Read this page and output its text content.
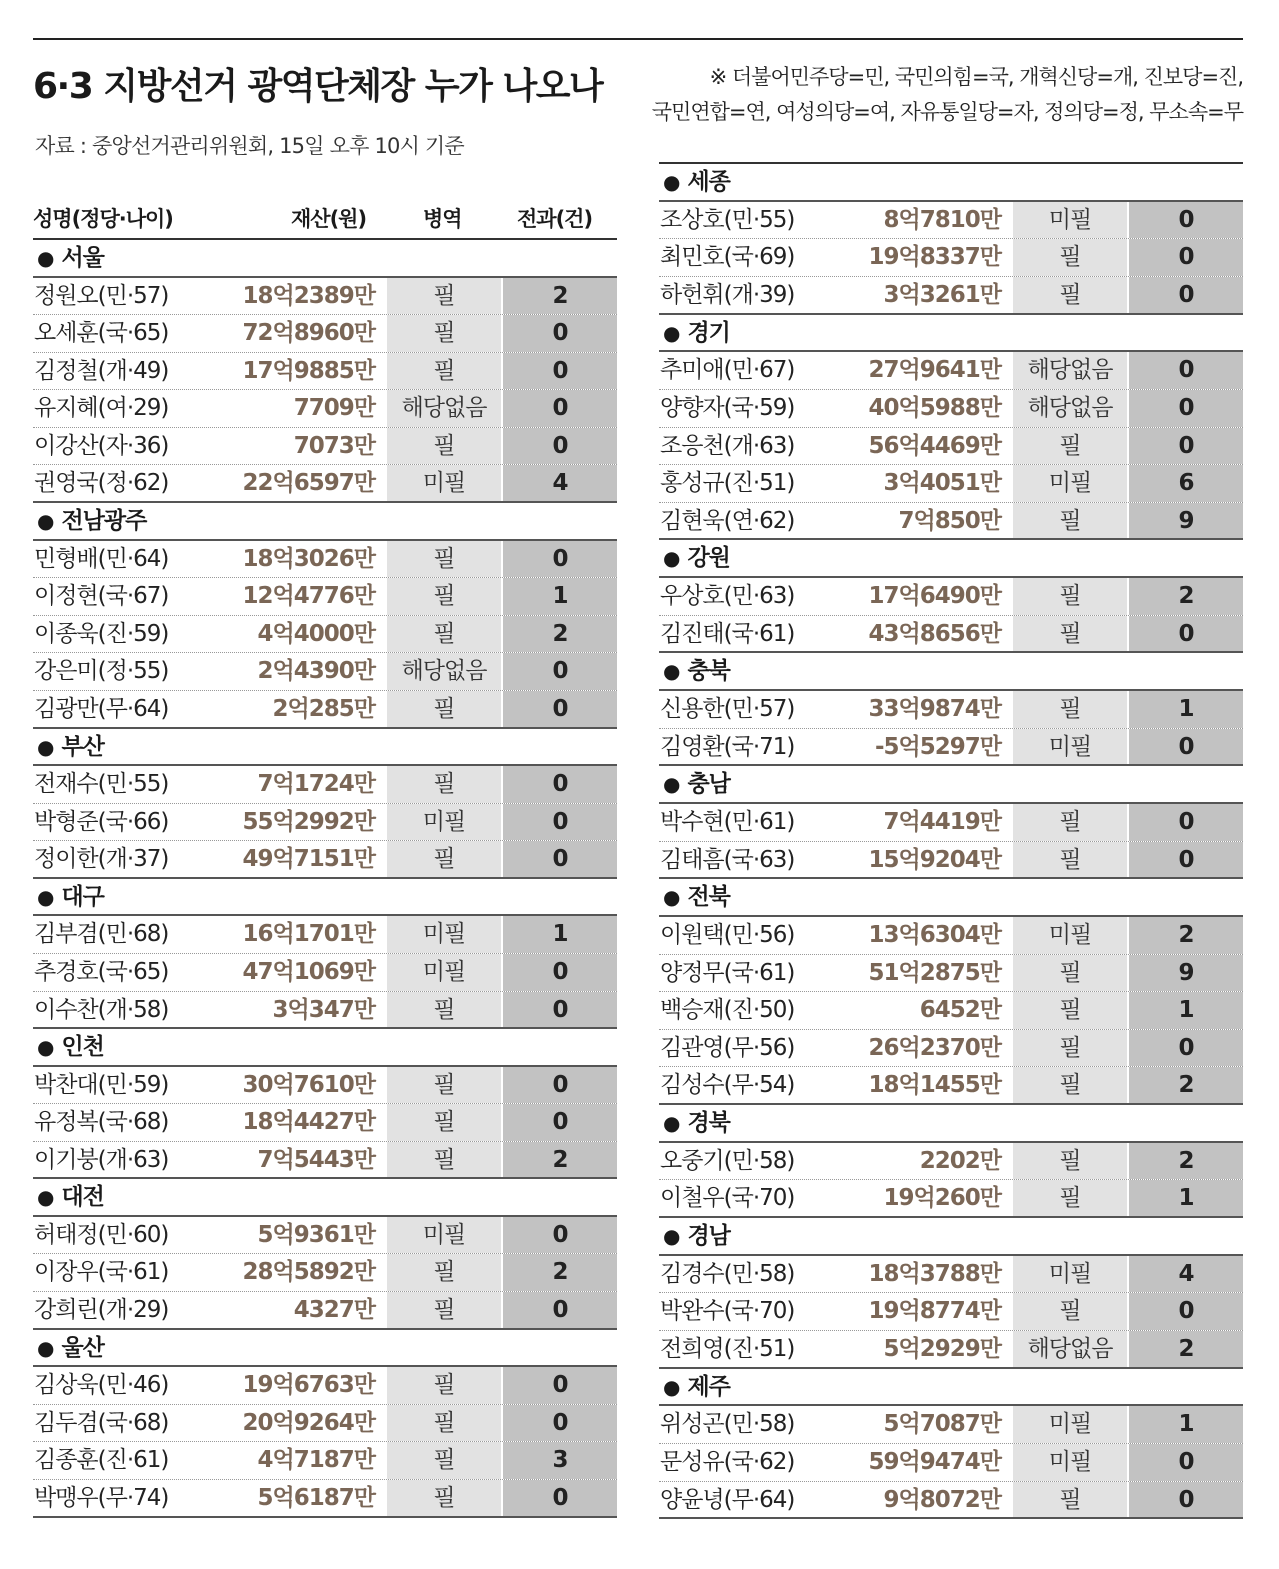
6·3 지방선거 광역단체장 누가 나오나
자료 : 중앙선거관리위원회, 15일 오후 10시 기준
※ 더불어민주당=민, 국민의힘=국, 개혁신당=개, 진보당=진,
국민연합=연, 여성의당=여, 자유통일당=자, 정의당=정, 무소속=무
성명(정당·나이)	재산(원)	병역	전과(건)
● 서울
정원오(민·57)	18억2389만	필	2
오세훈(국·65)	72억8960만	필	0
김정철(개·49)	17억9885만	필	0
유지혜(여·29)	7709만	해당없음	0
이강산(자·36)	7073만	필	0
권영국(정·62)	22억6597만	미필	4
● 전남광주
민형배(민·64)	18억3026만	필	0
이정현(국·67)	12억4776만	필	1
이종욱(진·59)	4억4000만	필	2
강은미(정·55)	2억4390만	해당없음	0
김광만(무·64)	2억285만	필	0
● 부산
전재수(민·55)	7억1724만	필	0
박형준(국·66)	55억2992만	미필	0
정이한(개·37)	49억7151만	필	0
● 대구
김부겸(민·68)	16억1701만	미필	1
추경호(국·65)	47억1069만	미필	0
이수찬(개·58)	3억347만	필	0
● 인천
박찬대(민·59)	30억7610만	필	0
유정복(국·68)	18억4427만	필	0
이기붕(개·63)	7억5443만	필	2
● 대전
허태정(민·60)	5억9361만	미필	0
이장우(국·61)	28억5892만	필	2
강희린(개·29)	4327만	필	0
● 울산
김상욱(민·46)	19억6763만	필	0
김두겸(국·68)	20억9264만	필	0
김종훈(진·61)	4억7187만	필	3
박맹우(무·74)	5억6187만	필	0
● 세종
조상호(민·55)	8억7810만	미필	0
최민호(국·69)	19억8337만	필	0
하헌휘(개·39)	3억3261만	필	0
● 경기
추미애(민·67)	27억9641만	해당없음	0
양향자(국·59)	40억5988만	해당없음	0
조응천(개·63)	56억4469만	필	0
홍성규(진·51)	3억4051만	미필	6
김현욱(연·62)	7억850만	필	9
● 강원
우상호(민·63)	17억6490만	필	2
김진태(국·61)	43억8656만	필	0
● 충북
신용한(민·57)	33억9874만	필	1
김영환(국·71)	-5억5297만	미필	0
● 충남
박수현(민·61)	7억4419만	필	0
김태흠(국·63)	15억9204만	필	0
● 전북
이원택(민·56)	13억6304만	미필	2
양정무(국·61)	51억2875만	필	9
백승재(진·50)	6452만	필	1
김관영(무·56)	26억2370만	필	0
김성수(무·54)	18억1455만	필	2
● 경북
오중기(민·58)	2202만	필	2
이철우(국·70)	19억260만	필	1
● 경남
김경수(민·58)	18억3788만	미필	4
박완수(국·70)	19억8774만	필	0
전희영(진·51)	5억2929만	해당없음	2
● 제주
위성곤(민·58)	5억7087만	미필	1
문성유(국·62)	59억9474만	미필	0
양윤녕(무·64)	9억8072만	필	0
